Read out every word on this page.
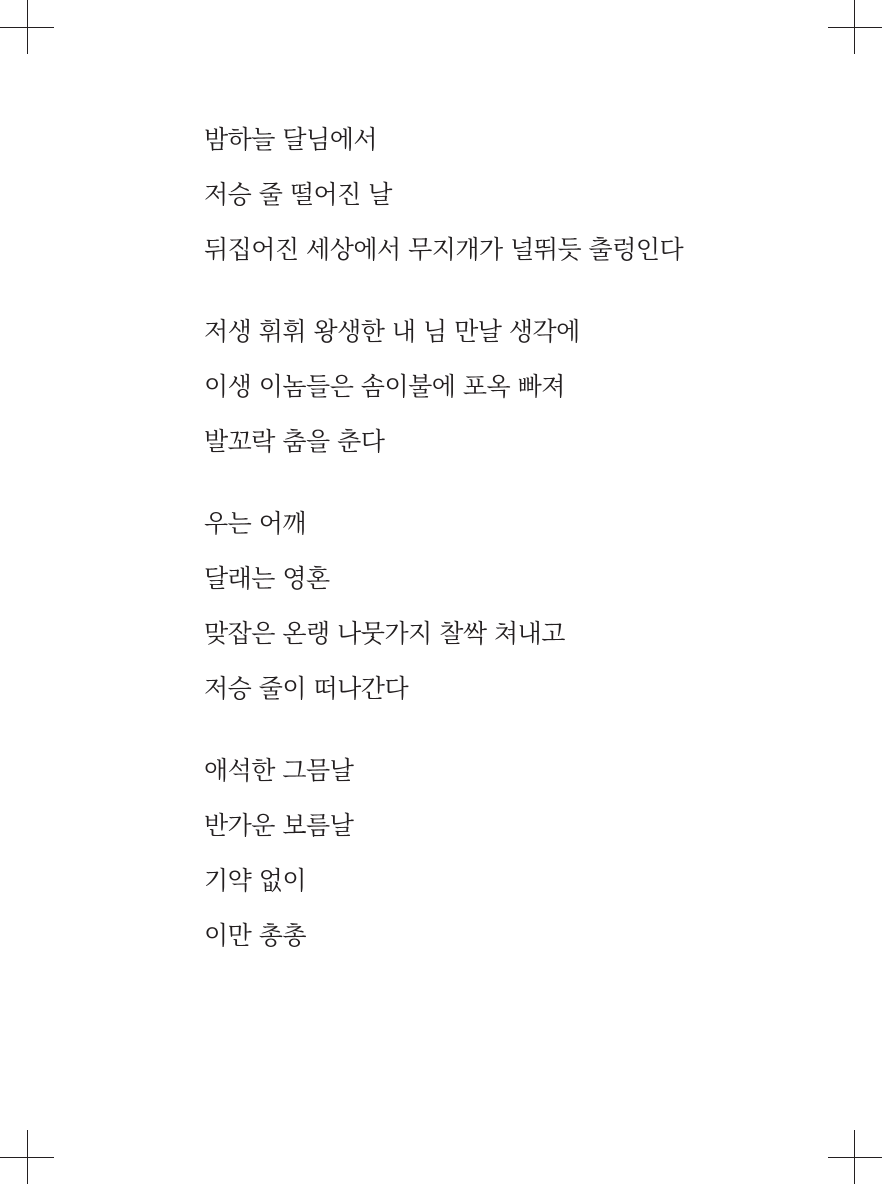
밤하늘 달님에서
저승 줄 떨어진 날
뒤집어진 세상에서 무지개가 널뛰듯 출렁인다
저생 휘휘 왕생한 내 님 만날 생각에
이생 이놈들은 솜이불에 포옥 빠져
발꼬락 춤을 춘다
우는 어깨
달래는 영혼
맞잡은 온랭 나뭇가지 찰싹 쳐내고
저승 줄이 떠나간다
애석한 그믐날
반가운 보름날
기약 없이
이만 총총
